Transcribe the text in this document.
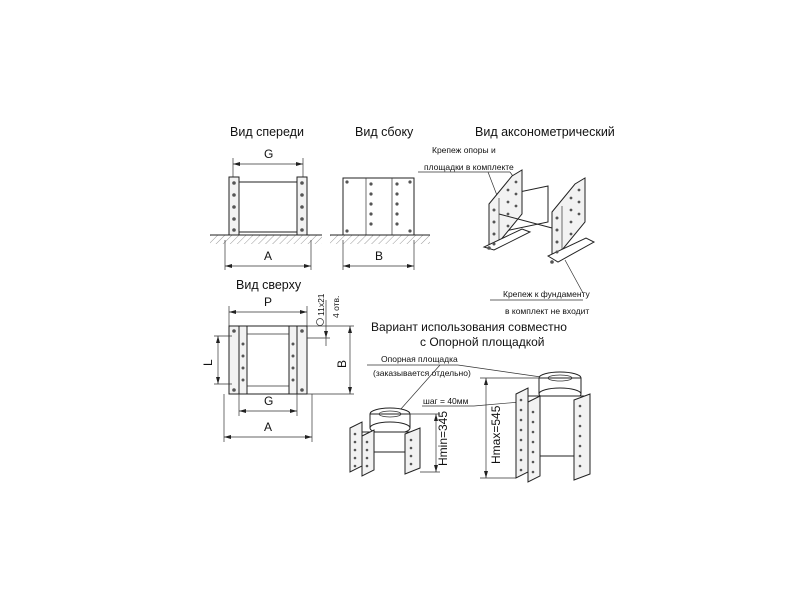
Вид спереди
G
A
Вид сбоку
B
Вид аксонометрический
Крепеж опоры и
площадки в комплекте
Крепеж к фундаменту
в комплект не входит
Вид сверху
P	11x21 4 отв.
L	B
G
A
Вариант использования совместно
с Опорной площадкой
Опорная площадка
(заказывается отдельно)
Hmin=345
шаг = 40мм
Hmax=545
